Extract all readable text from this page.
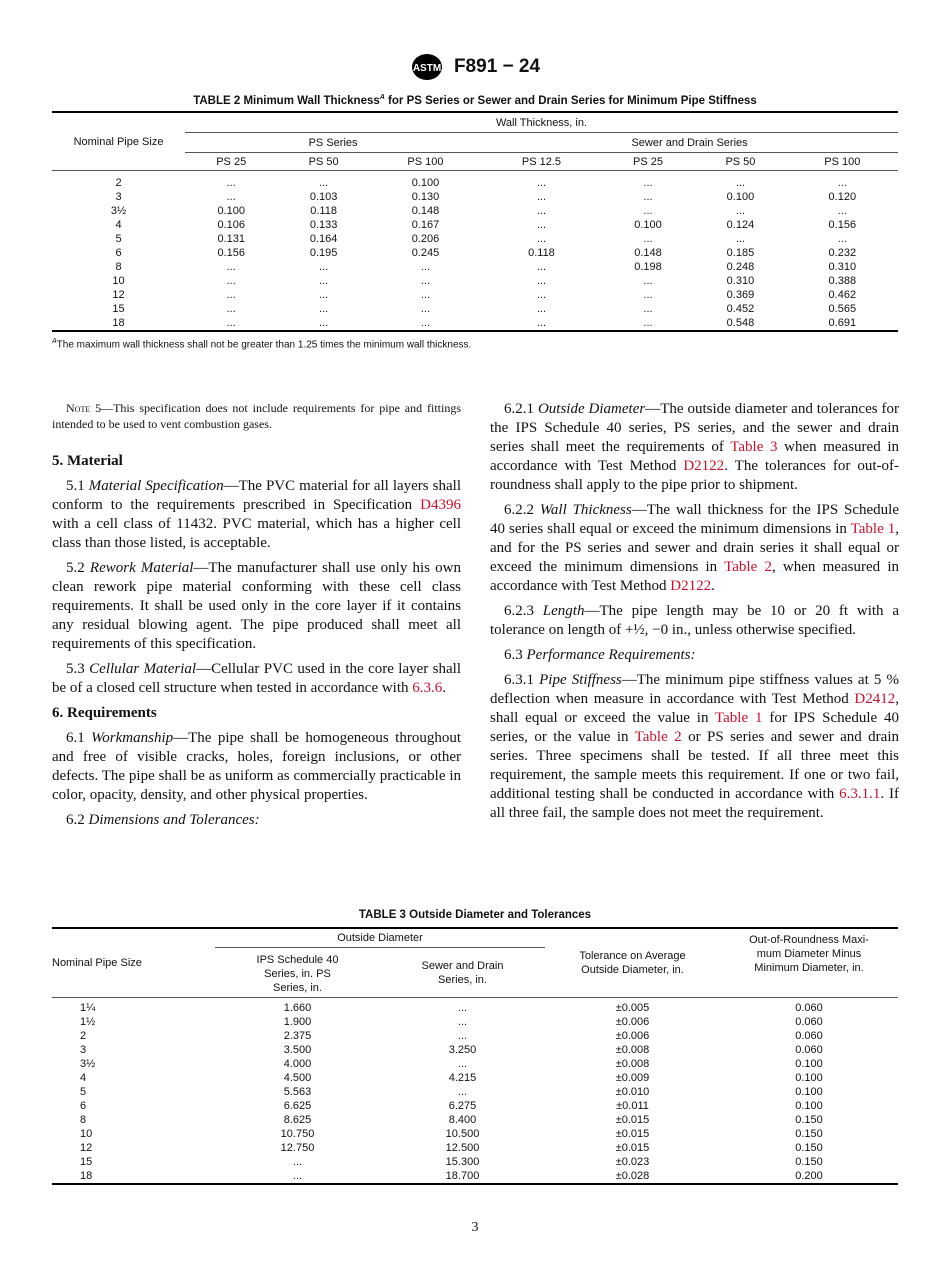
ASTM F891 − 24
TABLE 2 Minimum Wall Thickness$^A$ for PS Series or Sewer and Drain Series for Minimum Pipe Stiffness
Nominal Pipe Size	Wall Thickness, in.						
	PS Series			Sewer and Drain Series			
	PS 25	PS 50	PS 100	PS 12.5	PS 25	PS 50	PS 100
2	...	...	0.100	...	...	...	...
3	...	0.103	0.130	...	...	0.100	0.120
3½	0.100	0.118	0.148	...	...	...	...
4	0.106	0.133	0.167	...	0.100	0.124	0.156
5	0.131	0.164	0.206	...	...	...	...
6	0.156	0.195	0.245	0.118	0.148	0.185	0.232
8	...	...	...	...	0.198	0.248	0.310
10	...	...	...	...	...	0.310	0.388
12	...	...	...	...	...	0.369	0.462
15	...	...	...	...	...	0.452	0.565
18	...	...	...	...	...	0.548	0.691
$^A$The maximum wall thickness shall not be greater than 1.25 times the minimum wall thickness.

Note 5—This specification does not include requirements for pipe and fittings intended to be used to vent combustion gases.

5. Material

5.1 Material Specification—The PVC material for all layers shall conform to the requirements prescribed in Specification D4396 with a cell class of 11432. PVC material, which has a higher cell class than those listed, is acceptable.

5.2 Rework Material—The manufacturer shall use only his own clean rework pipe material conforming with these cell class requirements. It shall be used only in the core layer if it contains any residual blowing agent. The pipe produced shall meet all requirements of this specification.

5.3 Cellular Material—Cellular PVC used in the core layer shall be of a closed cell structure when tested in accordance with 6.3.6.

6. Requirements

6.1 Workmanship—The pipe shall be homogeneous throughout and free of visible cracks, holes, foreign inclusions, or other defects. The pipe shall be as uniform as commercially practicable in color, opacity, density, and other physical properties.

6.2 Dimensions and Tolerances:

6.2.1 Outside Diameter—The outside diameter and tolerances for the IPS Schedule 40 series, PS series, and the sewer and drain series shall meet the requirements of Table 3 when measured in accordance with Test Method D2122. The tolerances for out-of-roundness shall apply to the pipe prior to shipment.

6.2.2 Wall Thickness—The wall thickness for the IPS Schedule 40 series shall equal or exceed the minimum dimensions in Table 1, and for the PS series and sewer and drain series it shall equal or exceed the minimum dimensions in Table 2, when measured in accordance with Test Method D2122.

6.2.3 Length—The pipe length may be 10 or 20 ft with a tolerance on length of +½, −0 in., unless otherwise specified.

6.3 Performance Requirements:

6.3.1 Pipe Stiffness—The minimum pipe stiffness values at 5 % deflection when measure in accordance with Test Method D2412, shall equal or exceed the value in Table 1 for IPS Schedule 40 series, or the value in Table 2 or PS series and sewer and drain series. Three specimens shall be tested. If all three meet this requirement, the sample meets this requirement. If one or two fail, additional testing shall be conducted in accordance with 6.3.1.1. If all three fail, the sample does not meet the requirement.

TABLE 3 Outside Diameter and Tolerances
Nominal Pipe Size	Outside Diameter		Tolerance on Average Outside Diameter, in.	Out-of-Roundness Maxi- mum Diameter Minus Minimum Diameter, in.

	IPS Schedule 40 Series, in. PS Series, in.	Sewer and Drain Series, in.		

1¼	1.660	...	±0.005	0.060
1½	1.900	...	±0.006	0.060
2	2.375	...	±0.006	0.060
3	3.500	3.250	±0.008	0.060
3½	4.000	...	±0.008	0.100
4	4.500	4.215	±0.009	0.100
5	5.563	...	±0.010	0.100
6	6.625	6.275	±0.011	0.100
8	8.625	8.400	±0.015	0.150
10	10.750	10.500	±0.015	0.150
12	12.750	12.500	±0.015	0.150
15	...	15.300	±0.023	0.150
18	...	18.700	±0.028	0.200
3
